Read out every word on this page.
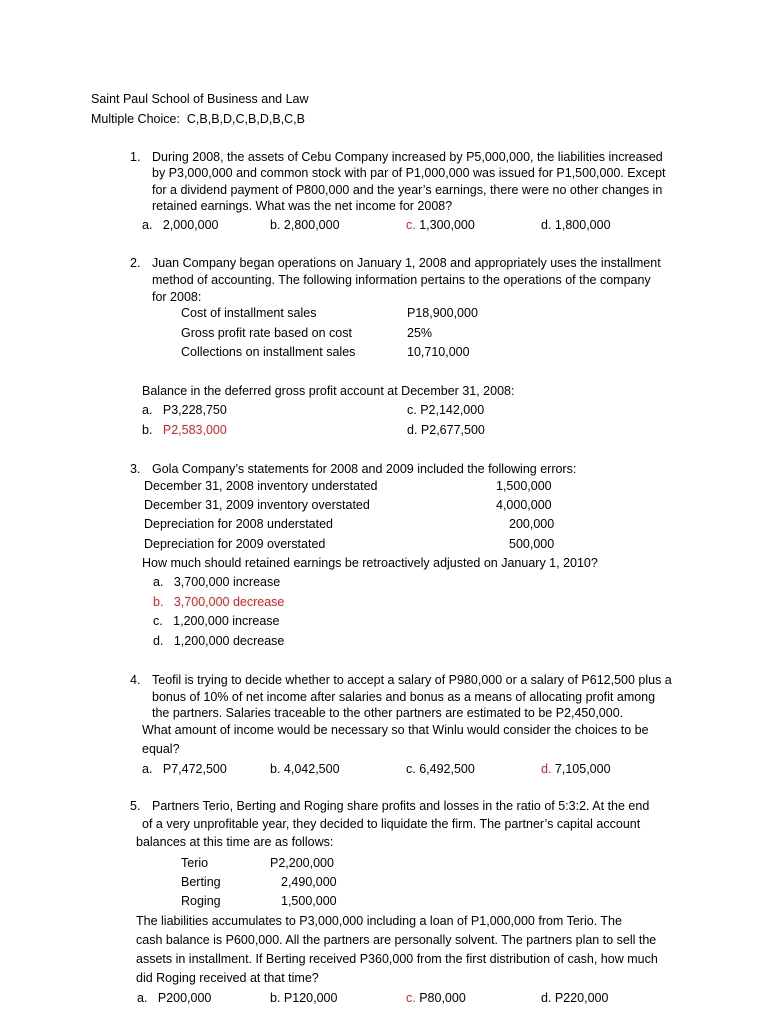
Saint Paul School of Business and Law
Multiple Choice: C,B,B,D,C,B,D,B,C,B
1. During 2008, the assets of Cebu Company increased by P5,000,000, the liabilities increased
by P3,000,000 and common stock with par of P1,000,000 was issued for P1,500,000. Except
for a dividend payment of P800,000 and the year’s earnings, there were no other changes in
retained earnings. What was the net income for 2008?
a. 2,000,000	b. 2,800,000	c. 1,300,000	d. 1,800,000
2. Juan Company began operations on January 1, 2008 and appropriately uses the installment
method of accounting. The following information pertains to the operations of the company
for 2008:
Cost of installment sales	P18,900,000
Gross profit rate based on cost	25%
Collections on installment sales	10,710,000
Balance in the deferred gross profit account at December 31, 2008:
a. P3,228,750	c. P2,142,000
b. P2,583,000	d. P2,677,500
3. Gola Company’s statements for 2008 and 2009 included the following errors:
December 31, 2008 inventory understated	1,500,000
December 31, 2009 inventory overstated	4,000,000
Depreciation for 2008 understated	200,000
Depreciation for 2009 overstated	500,000
How much should retained earnings be retroactively adjusted on January 1, 2010?
a. 3,700,000 increase
b. 3,700,000 decrease
c. 1,200,000 increase
d. 1,200,000 decrease
4. Teofil is trying to decide whether to accept a salary of P980,000 or a salary of P612,500 plus a
bonus of 10% of net income after salaries and bonus as a means of allocating profit among
the partners. Salaries traceable to the other partners are estimated to be P2,450,000.
What amount of income would be necessary so that Winlu would consider the choices to be
equal?
a. P7,472,500	b. 4,042,500	c. 6,492,500	d. 7,105,000
5. Partners Terio, Berting and Roging share profits and losses in the ratio of 5:3:2. At the end
of a very unprofitable year, they decided to liquidate the firm. The partner’s capital account
balances at this time are as follows:
Terio	P2,200,000
Berting	2,490,000
Roging	1,500,000
The liabilities accumulates to P3,000,000 including a loan of P1,000,000 from Terio. The
cash balance is P600,000. All the partners are personally solvent. The partners plan to sell the
assets in installment. If Berting received P360,000 from the first distribution of cash, how much
did Roging received at that time?
a. P200,000	b. P120,000	c. P80,000	d. P220,000
